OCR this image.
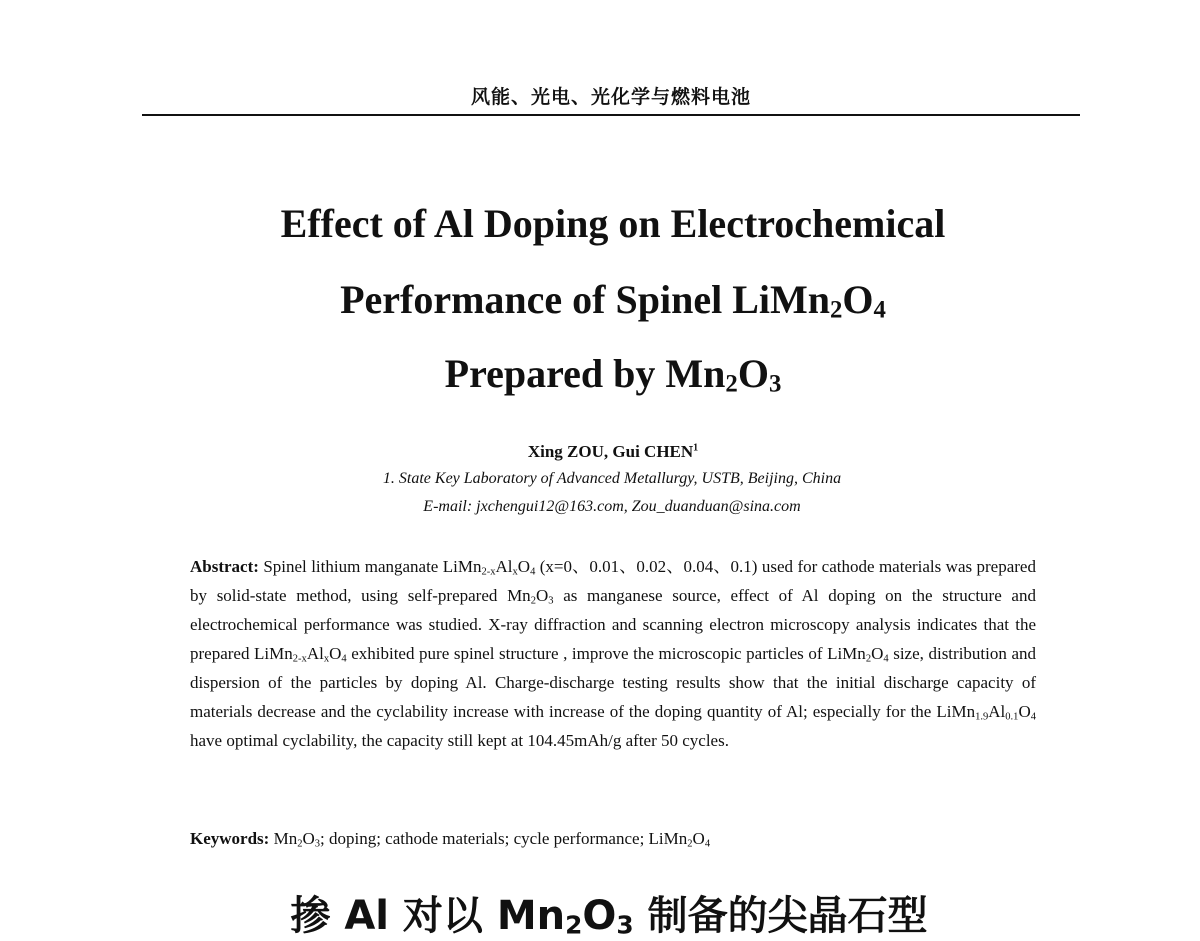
风能、光电、光化学与燃料电池
Effect of Al Doping on Electrochemical
Performance of Spinel $LiMn_2O_4$
Prepared by $Mn_2O_3$
Xing ZOU, Gui CHEN$^1$
1. State Key Laboratory of Advanced Metallurgy, USTB, Beijing, China
E-mail: jxchengui12@163.com, Zou_duanduan@sina.com

Abstract: Spinel lithium manganate $LiMn_{2-x}Al_xO_4$ (x=0、0.01、0.02、0.04、0.1) used for cathode materials was prepared by solid-state method, using self-prepared $Mn_2O_3$ as manganese source, effect of Al doping on the structure and electrochemical performance was studied. X-ray diffraction and scanning electron microscopy analysis indicates that the prepared $LiMn_{2-x}Al_xO_4$ exhibited pure spinel structure , improve the microscopic particles of $LiMn_2O_4$ size, distribution and dispersion of the particles by doping Al. Charge-discharge testing results show that the initial discharge capacity of materials decrease and the cyclability increase with increase of the doping quantity of Al; especially for the $LiMn_{1.9}Al_{0.1}O_4$ have optimal cyclability, the capacity still kept at 104.45mAh/g after 50 cycles.

Keywords: $Mn_2O_3$; doping; cathode materials; cycle performance; $LiMn_2O_4$

掺 Al 对以 $Mn_2O_3$ 制备的尖晶石型
